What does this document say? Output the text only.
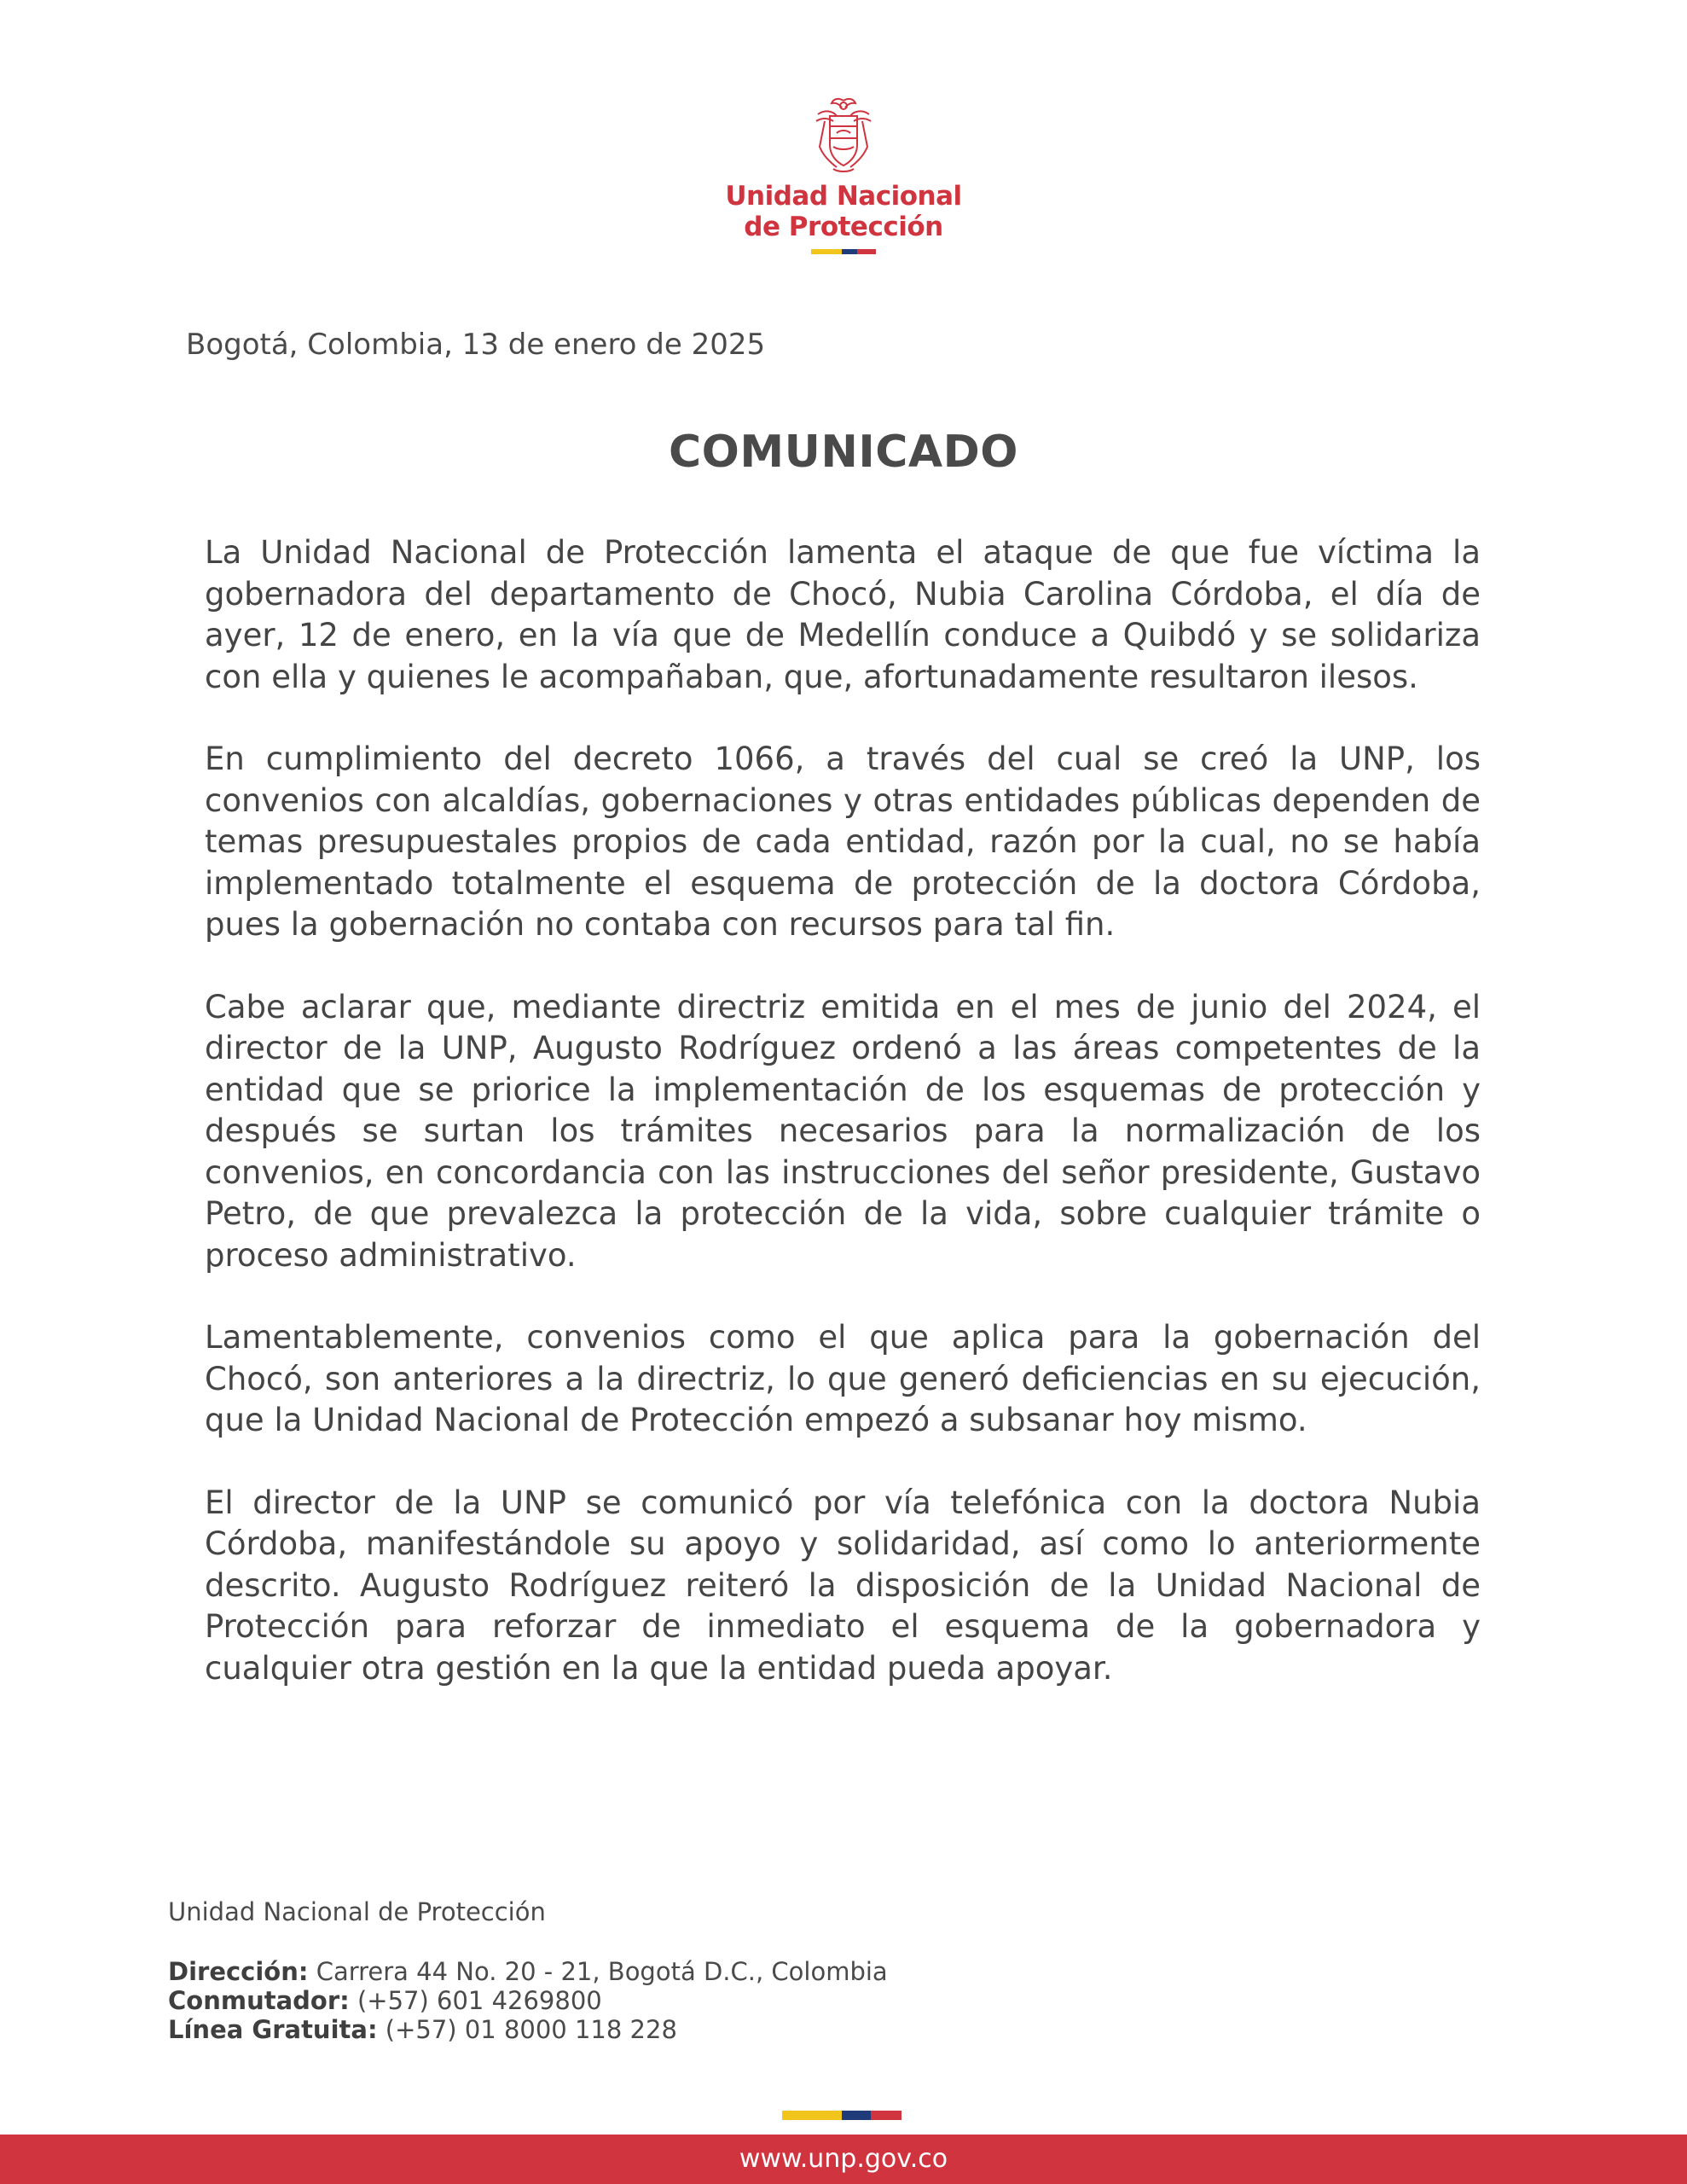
Unidad Nacional
de Protección
Bogotá, Colombia, 13 de enero de 2025
COMUNICADO

La Unidad Nacional de Protección lamenta el ataque de que fue víctima la gobernadora del departamento de Chocó, Nubia Carolina Córdoba, el día de ayer, 12 de enero, en la vía que de Medellín conduce a Quibdó y se solidariza con ella y quienes le acompañaban, que, afortunadamente resultaron ilesos.

En cumplimiento del decreto 1066, a través del cual se creó la UNP, los convenios con alcaldías, gobernaciones y otras entidades públicas dependen de temas presupuestales propios de cada entidad, razón por la cual, no se había implementado totalmente el esquema de protección de la doctora Córdoba, pues la gobernación no contaba con recursos para tal fin.

Cabe aclarar que, mediante directriz emitida en el mes de junio del 2024, el director de la UNP, Augusto Rodríguez ordenó a las áreas competentes de la entidad que se priorice la implementación de los esquemas de protección y después se surtan los trámites necesarios para la normalización de los convenios, en concordancia con las instrucciones del señor presidente, Gustavo Petro, de que prevalezca la protección de la vida, sobre cualquier trámite o proceso administrativo.

Lamentablemente, convenios como el que aplica para la gobernación del Chocó, son anteriores a la directriz, lo que generó deficiencias en su ejecución, que la Unidad Nacional de Protección empezó a subsanar hoy mismo.

El director de la UNP se comunicó por vía telefónica con la doctora Nubia Córdoba, manifestándole su apoyo y solidaridad, así como lo anteriormente descrito. Augusto Rodríguez reiteró la disposición de la Unidad Nacional de Protección para reforzar de inmediato el esquema de la gobernadora y cualquier otra gestión en la que la entidad pueda apoyar.

Unidad Nacional de Protección
Dirección: Carrera 44 No. 20 - 21, Bogotá D.C., Colombia
Conmutador: (+57) 601 4269800
Línea Gratuita: (+57) 01 8000 118 228
www.unp.gov.co
